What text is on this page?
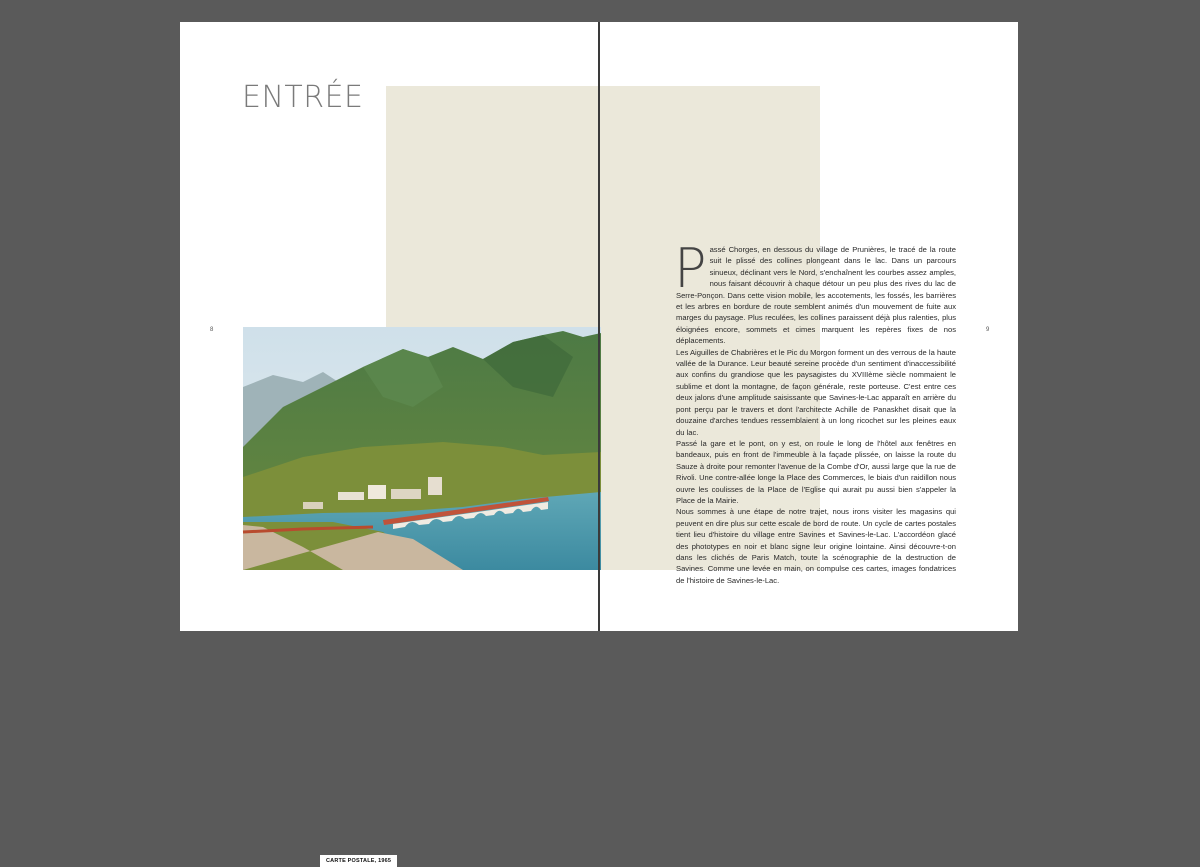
ENTRÉE
8
CARTE POSTALE, 1965
9
P assé Chorges, en dessous du village de Prunières, le tracé de la route suit le plissé des collines plongeant dans le lac. Dans un parcours sinueux, déclinant vers le Nord, s'enchaînent les courbes assez amples, nous faisant découvrir à chaque détour un peu plus des rives du lac de Serre-Ponçon. Dans cette vision mobile, les accotements, les fossés, les barrières et les arbres en bordure de route semblent animés d'un mouvement de fuite aux marges du paysage. Plus reculées, les collines paraissent déjà plus ralenties, plus éloignées encore, sommets et cimes marquent les repères fixes de nos déplacements.

Les Aiguilles de Chabrières et le Pic du Morgon forment un des verrous de la haute vallée de la Durance. Leur beauté sereine procède d'un sentiment d'inaccessibilité aux confins du grandiose que les paysagistes du XVIIIème siècle nommaient le sublime et dont la montagne, de façon générale, reste porteuse. C'est entre ces deux jalons d'une amplitude saisissante que Savines-le-Lac apparaît en arrière du pont perçu par le travers et dont l'architecte Achille de Panaskhet disait que la douzaine d'arches tendues ressemblaient à un long ricochet sur les pleines eaux du lac.

Passé la gare et le pont, on y est, on roule le long de l'hôtel aux fenêtres en bandeaux, puis en front de l'immeuble à la façade plissée, on laisse la route du Sauze à droite pour remonter l'avenue de la Combe d'Or, aussi large que la rue de Rivoli. Une contre-allée longe la Place des Commerces, le biais d'un raidillon nous ouvre les coulisses de la Place de l'Eglise qui aurait pu aussi bien s'appeler la Place de la Mairie.

Nous sommes à une étape de notre trajet, nous irons visiter les magasins qui peuvent en dire plus sur cette escale de bord de route. Un cycle de cartes postales tient lieu d'histoire du village entre Savines et Savines-le-Lac. L'accordéon glacé des phototypes en noir et blanc signe leur origine lointaine. Ainsi découvre-t-on dans les clichés de Paris Match, toute la scénographie de la destruction de Savines. Comme une levée en main, on compulse ces cartes, images fondatrices de l'histoire de Savines-le-Lac.
